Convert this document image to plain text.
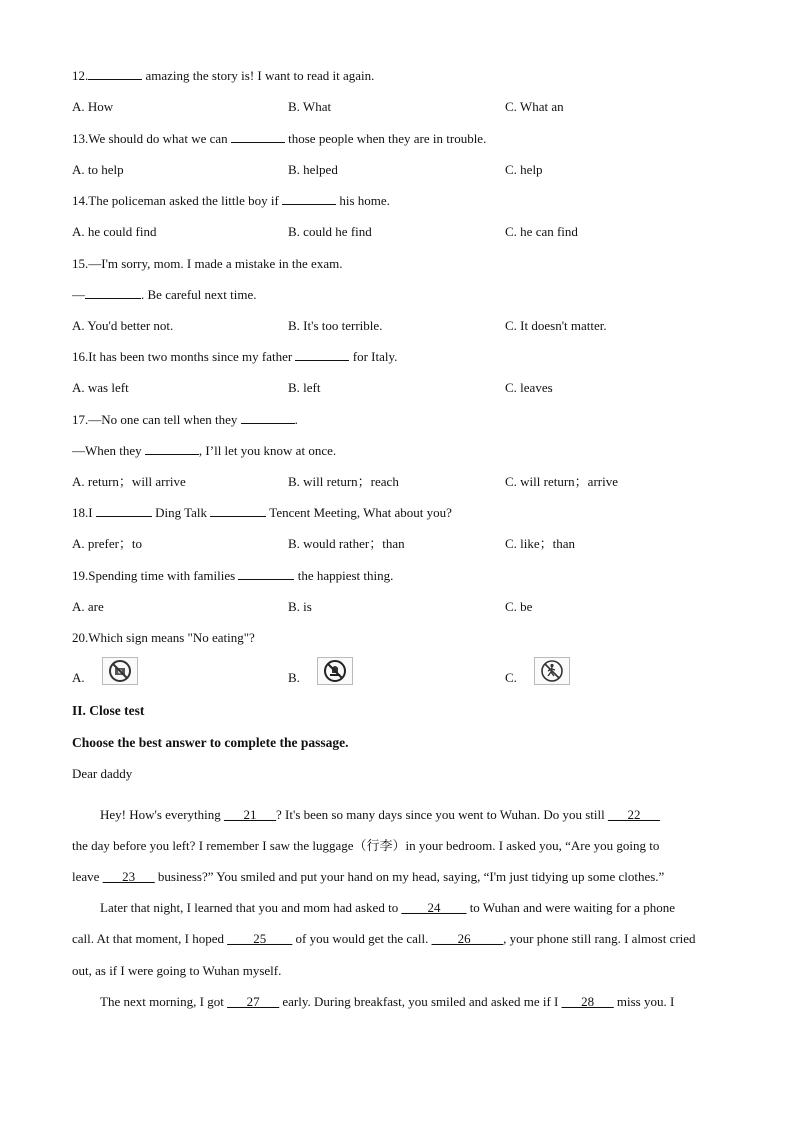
12.	amazing the story is! I want to read it again.
A. How	B. What	C. What an
13.We should do what we can	those people when they are in trouble.
A. to help	B. helped	C. help
14.The policeman asked the little boy if	his home.
A. he could find	B. could he find	C. he can find
15.—I'm sorry, mom. I made a mistake in the exam.
—	. Be careful next time.
A. You'd better not.	B. It's too terrible.	C. It doesn't matter.
16.It has been two months since my father	for Italy.
A. was left	B. left	C. leaves
17.—No one can tell when they	.
—When they	, I’ll let you know at once.
A. return；will arrive	B. will return；reach	C. will return；arrive
18.I	Ding Talk	Tencent Meeting, What about you?
A. prefer；to	B. would rather；than	C. like；than
19.Spending time with families	the happiest thing.
A. are	B. is	C. be
20.Which sign means "No eating"?
A.	B.	C.
II. Close test
Choose the best answer to complete the passage.
Dear daddy
Hey! How's everything ___21___? It's been so many days since you went to Wuhan. Do you still ___22___
the day before you left? I remember I saw the luggage（行李）in your bedroom. I asked you, “Are you going to
leave ___23___ business?” You smiled and put your hand on my head, saying, “I'm just tidying up some clothes.”
Later that night, I learned that you and mom had asked to ____24____ to Wuhan and were waiting for a phone
call. At that moment, I hoped ____25____ of you would get the call. ____26_____, your phone still rang. I almost cried
out, as if I were going to Wuhan myself.
The next morning, I got ___27___ early. During breakfast, you smiled and asked me if I ___28___ miss you. I
